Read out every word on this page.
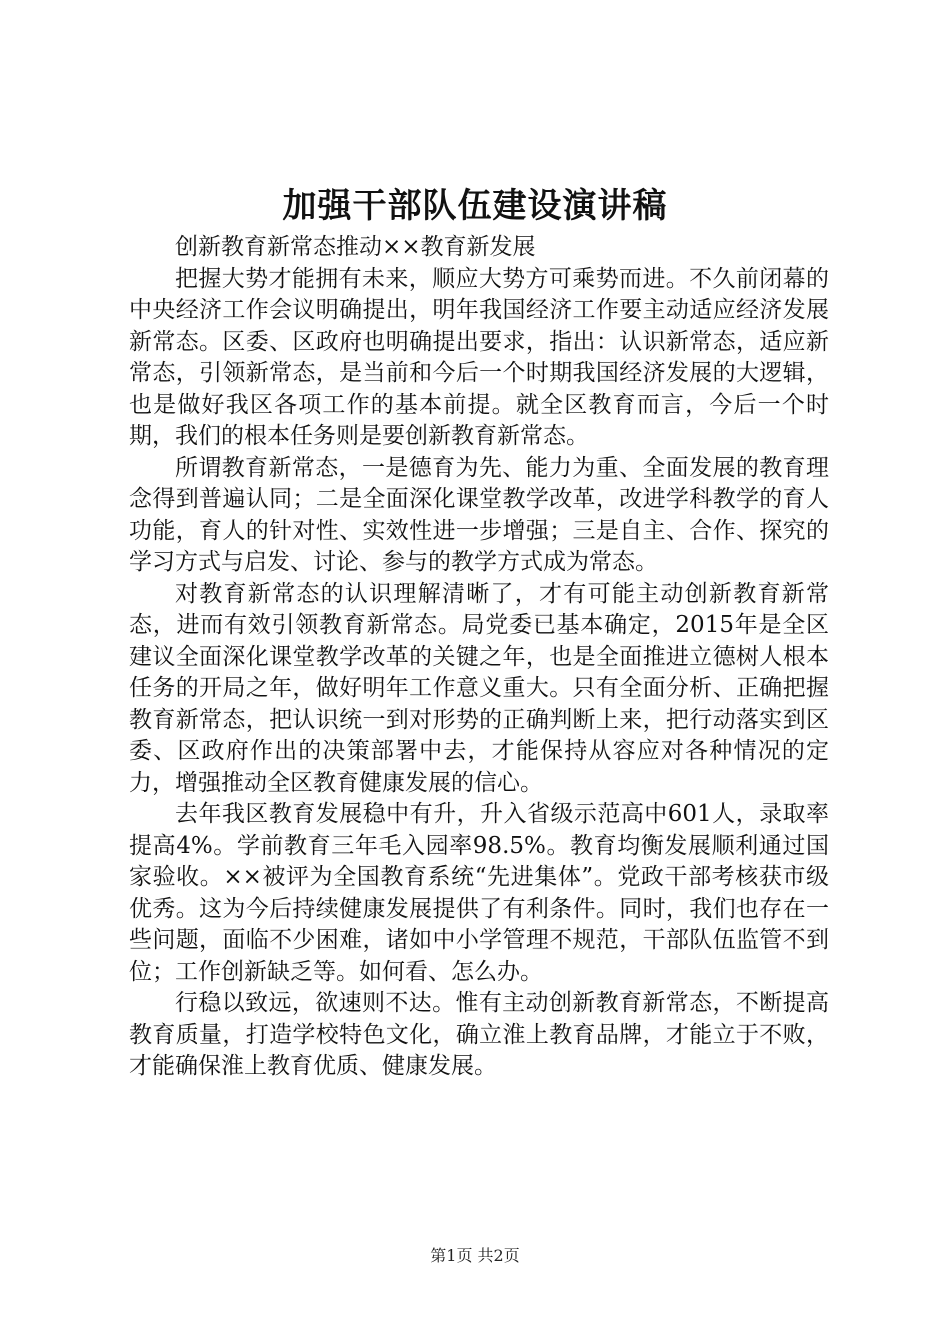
加强干部队伍建设演讲稿

创新教育新常态推动××教育新发展

把握大势才能拥有未来，顺应大势方可乘势而进。不久前闭幕的中央经济工作会议明确提出，明年我国经济工作要主动适应经济发展新常态。区委、区政府也明确提出要求，指出：认识新常态，适应新常态，引领新常态，是当前和今后一个时期我国经济发展的大逻辑，也是做好我区各项工作的基本前提。就全区教育而言，今后一个时期，我们的根本任务则是要创新教育新常态。

所谓教育新常态，一是德育为先、能力为重、全面发展的教育理念得到普遍认同；二是全面深化课堂教学改革，改进学科教学的育人功能，育人的针对性、实效性进一步增强；三是自主、合作、探究的学习方式与启发、讨论、参与的教学方式成为常态。

对教育新常态的认识理解清晰了，才有可能主动创新教育新常态，进而有效引领教育新常态。局党委已基本确定，2015年是全区建议全面深化课堂教学改革的关键之年，也是全面推进立德树人根本任务的开局之年，做好明年工作意义重大。只有全面分析、正确把握教育新常态，把认识统一到对形势的正确判断上来，把行动落实到区委、区政府作出的决策部署中去，才能保持从容应对各种情况的定力，增强推动全区教育健康发展的信心。

去年我区教育发展稳中有升，升入省级示范高中601人，录取率提高4%。学前教育三年毛入园率98.5%。教育均衡发展顺利通过国家验收。××被评为全国教育系统“先进集体”。党政干部考核获市级优秀。这为今后持续健康发展提供了有利条件。同时，我们也存在一些问题，面临不少困难，诸如中小学管理不规范，干部队伍监管不到位；工作创新缺乏等。如何看、怎么办。

行稳以致远，欲速则不达。惟有主动创新教育新常态，不断提高教育质量，打造学校特色文化，确立淮上教育品牌，才能立于不败，才能确保淮上教育优质、健康发展。

第1页 共2页
